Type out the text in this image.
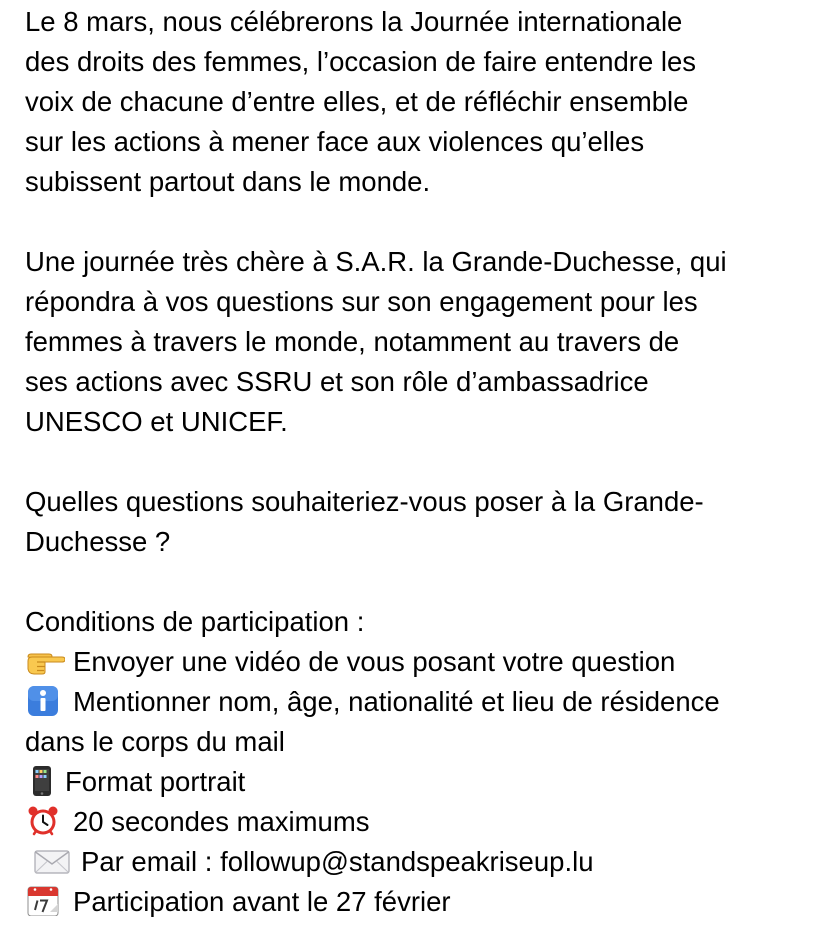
Le 8 mars, nous célébrerons la Journée internationale
des droits des femmes, l’occasion de faire entendre les
voix de chacune d’entre elles, et de réfléchir ensemble
sur les actions à mener face aux violences qu’elles
subissent partout dans le monde.

Une journée très chère à S.A.R. la Grande-Duchesse, qui
répondra à vos questions sur son engagement pour les
femmes à travers le monde, notamment au travers de
ses actions avec SSRU et son rôle d’ambassadrice
UNESCO et UNICEF.

Quelles questions souhaiteriez-vous poser à la Grande-
Duchesse ?

Conditions de participation :
Envoyer une vidéo de vous posant votre question
Mentionner nom, âge, nationalité et lieu de résidence
dans le corps du mail
Format portrait
20 secondes maximums
Par email : followup@standspeakriseup.lu
Participation avant le 27 février
